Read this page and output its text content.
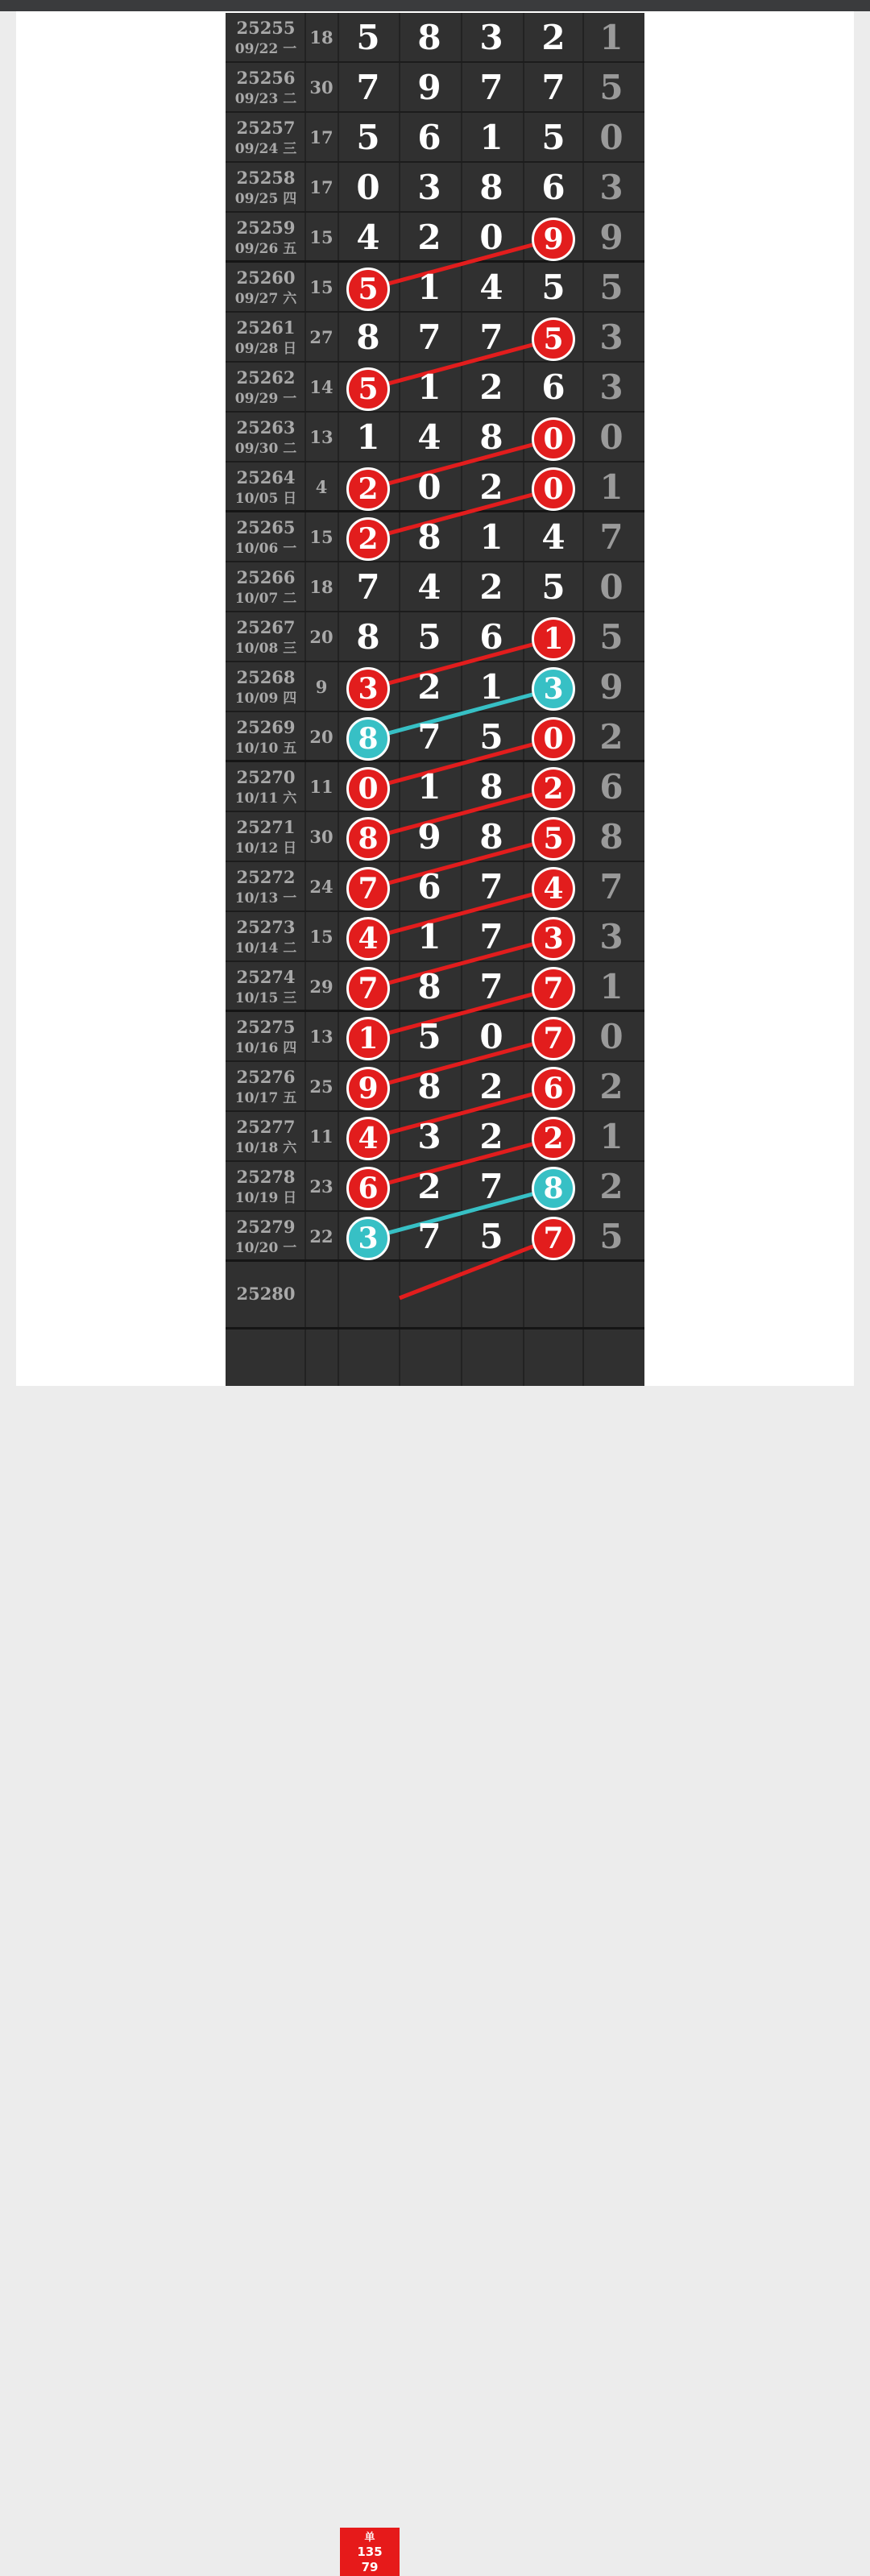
25255
09/22 一
18 5	8	3	2	1
25256
09/23 二
30 7	9	7	7	5
25257
09/24 三
17 5	6	1	5	0
25258
09/25 四
17 0	3	8	6	3
25259
09/26 五
15 4	2	0	9	9
25260
09/27 六
15 5	1	4	5	5
25261
09/28 日
27 8	7	7	5	3
25262
09/29 一
14 5	1	2	6	3
25263
09/30 二
13 1	4	8	0	0
25264
10/05 日
4	2	0	2	0	1
25265
10/06 一
15 2	8	1	4	7
25266
10/07 二
18 7	4	2	5	0
25267
10/08 三
20 8	5	6	1	5
25268
10/09 四
9	3	2	1	3	9
25269
10/10 五
20 8	7	5	0	2
25270
10/11 六
11 0	1	8	2	6
25271
10/12 日
30 8	9	8	5	8
25272
10/13 一
24 7	6	7	4	7
25273
10/14 二
15 4	1	7	3	3
25274
10/15 三
29 7	8	7	7	1
25275
10/16 四
13 1	5	0	7	0
25276
10/17 五
25 9	8	2	6	2
25277
10/18 六
11 4	3	2	2	1
25278
10/19 日
23 6	2	7	8	2
25279
10/20 一
22 3	7	5	7	5
25280
单
135
79
